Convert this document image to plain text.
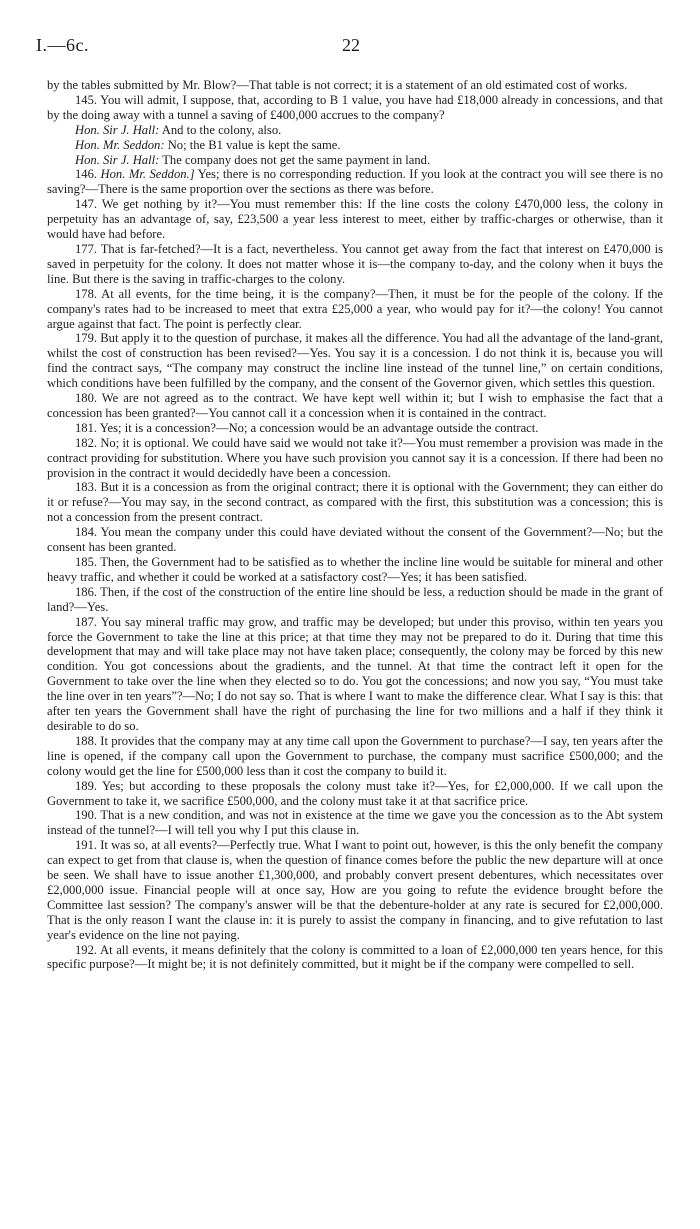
I.—6c.	22

by the tables submitted by Mr. Blow?—That table is not correct; it is a statement of an old estimated cost of works.

145. You will admit, I suppose, that, according to B 1 value, you have had £18,000 already in concessions, and that by the doing away with a tunnel a saving of £400,000 accrues to the company?

Hon. Sir J. Hall: And to the colony, also.

Hon. Mr. Seddon: No; the B1 value is kept the same.

Hon. Sir J. Hall: The company does not get the same payment in land.

146. Hon. Mr. Seddon.] Yes; there is no corresponding reduction. If you look at the contract you will see there is no saving?—There is the same proportion over the sections as there was before.

147. We get nothing by it?—You must remember this: If the line costs the colony £470,000 less, the colony in perpetuity has an advantage of, say, £23,500 a year less interest to meet, either by traffic-charges or otherwise, than it would have had before.

177. That is far-fetched?—It is a fact, nevertheless. You cannot get away from the fact that interest on £470,000 is saved in perpetuity for the colony. It does not matter whose it is—the company to-day, and the colony when it buys the line. But there is the saving in traffic-charges to the colony.

178. At all events, for the time being, it is the company?—Then, it must be for the people of the colony. If the company's rates had to be increased to meet that extra £25,000 a year, who would pay for it?—the colony! You cannot argue against that fact. The point is perfectly clear.

179. But apply it to the question of purchase, it makes all the difference. You had all the advantage of the land-grant, whilst the cost of construction has been revised?—Yes. You say it is a concession. I do not think it is, because you will find the contract says, “The company may construct the incline line instead of the tunnel line,” on certain conditions, which conditions have been fulfilled by the company, and the consent of the Governor given, which settles this question.

180. We are not agreed as to the contract. We have kept well within it; but I wish to emphasise the fact that a concession has been granted?—You cannot call it a concession when it is contained in the contract.

181. Yes; it is a concession?—No; a concession would be an advantage outside the contract.

182. No; it is optional. We could have said we would not take it?—You must remember a provision was made in the contract providing for substitution. Where you have such provision you cannot say it is a concession. If there had been no provision in the contract it would decidedly have been a concession.

183. But it is a concession as from the original contract; there it is optional with the Government; they can either do it or refuse?—You may say, in the second contract, as compared with the first, this substitution was a concession; this is not a concession from the present contract.

184. You mean the company under this could have deviated without the consent of the Government?—No; but the consent has been granted.

185. Then, the Government had to be satisfied as to whether the incline line would be suitable for mineral and other heavy traffic, and whether it could be worked at a satisfactory cost?—Yes; it has been satisfied.

186. Then, if the cost of the construction of the entire line should be less, a reduction should be made in the grant of land?—Yes.

187. You say mineral traffic may grow, and traffic may be developed; but under this proviso, within ten years you force the Government to take the line at this price; at that time they may not be prepared to do it. During that time this development that may and will take place may not have taken place; consequently, the colony may be forced by this new condition. You got concessions about the gradients, and the tunnel. At that time the contract left it open for the Government to take over the line when they elected so to do. You got the concessions; and now you say, “You must take the line over in ten years”?—No; I do not say so. That is where I want to make the difference clear. What I say is this: that after ten years the Government shall have the right of purchasing the line for two millions and a half if they think it desirable to do so.

188. It provides that the company may at any time call upon the Government to purchase?—I say, ten years after the line is opened, if the company call upon the Government to purchase, the company must sacrifice £500,000; and the colony would get the line for £500,000 less than it cost the company to build it.

189. Yes; but according to these proposals the colony must take it?—Yes, for £2,000,000. If we call upon the Government to take it, we sacrifice £500,000, and the colony must take it at that sacrifice price.

190. That is a new condition, and was not in existence at the time we gave you the concession as to the Abt system instead of the tunnel?—I will tell you why I put this clause in.

191. It was so, at all events?—Perfectly true. What I want to point out, however, is this the only benefit the company can expect to get from that clause is, when the question of finance comes before the public the new departure will at once be seen. We shall have to issue another £1,300,000, and probably convert present debentures, which necessitates over £2,000,000 issue. Financial people will at once say, How are you going to refute the evidence brought before the Committee last session? The company's answer will be that the debenture-holder at any rate is secured for £2,000,000. That is the only reason I want the clause in: it is purely to assist the company in financing, and to give refutation to last year's evidence on the line not paying.

192. At all events, it means definitely that the colony is committed to a loan of £2,000,000 ten years hence, for this specific purpose?—It might be; it is not definitely committed, but it might be if the company were compelled to sell.
